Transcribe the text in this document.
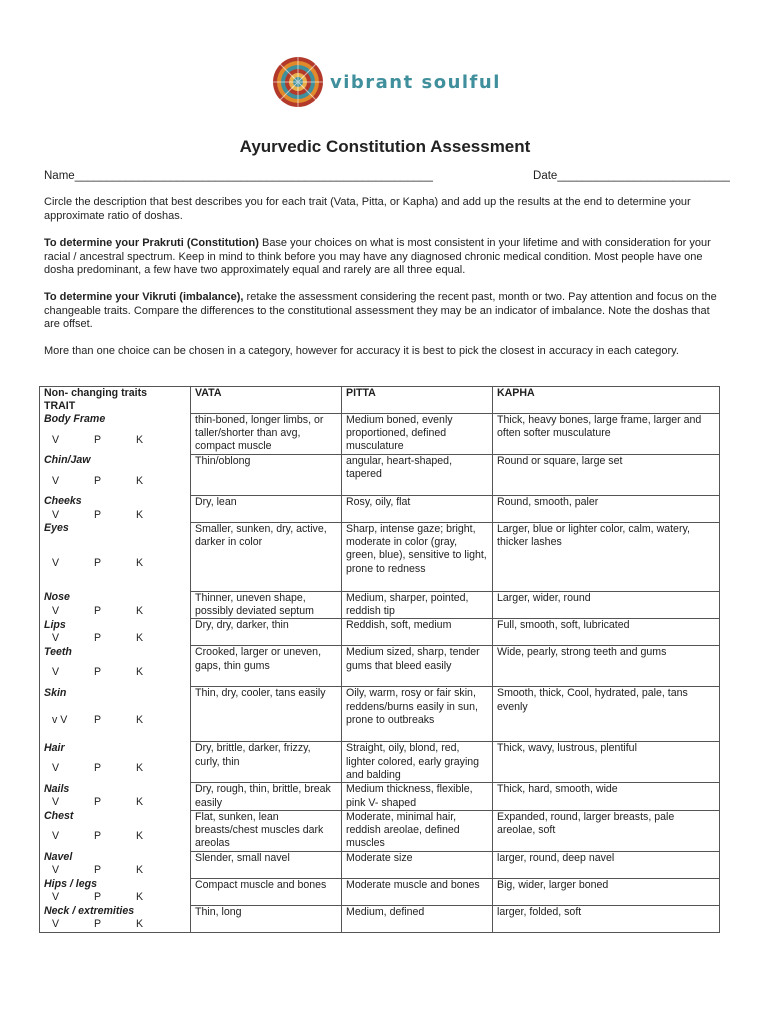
vibrant soulful
Ayurvedic Constitution Assessment
Name________________________________________________________	Date___________________________
Circle the description that best describes you for each trait (Vata, Pitta, or Kapha) and add up the results at the end to determine your approximate ratio of doshas.
To determine your Prakruti (Constitution) Base your choices on what is most consistent in your lifetime and with consideration for your racial / ancestral spectrum. Keep in mind to think before you may have any diagnosed chronic medical condition. Most people have one dosha predominant, a few have two approximately equal and rarely are all three equal.
To determine your Vikruti (imbalance), retake the assessment considering the recent past, month or two. Pay attention and focus on the changeable traits. Compare the differences to the constitutional assessment they may be an indicator of imbalance. Note the doshas that are offset.
More than one choice can be chosen in a category, however for accuracy it is best to pick the closest in accuracy in each category.
Non- changing traits
TRAIT	VATA	PITTA	KAPHA

Body Frame
V P K	thin-boned, longer limbs, or taller/shorter than avg, compact muscle	Medium boned, evenly proportioned, defined musculature	Thick, heavy bones, large frame, larger and often softer musculature

Chin/Jaw
V P K	Thin/oblong	angular, heart-shaped, tapered	Round or square, large set

Cheeks
V P K	Dry, lean	Rosy, oily, flat	Round, smooth, paler

Eyes
V P K	Smaller, sunken, dry, active, darker in color	Sharp, intense gaze; bright, moderate in color (gray, green, blue), sensitive to light, prone to redness	Larger, blue or lighter color, calm, watery, thicker lashes

Nose
V P K	Thinner, uneven shape, possibly deviated septum	Medium, sharper, pointed, reddish tip	Larger, wider, round

Lips
V P K	Dry, dry, darker, thin	Reddish, soft, medium	Full, smooth, soft, lubricated

Teeth
V P K	Crooked, larger or uneven, gaps, thin gums	Medium sized, sharp, tender gums that bleed easily	Wide, pearly, strong teeth and gums

Skin
v V P K	Thin, dry, cooler, tans easily	Oily, warm, rosy or fair skin, reddens/burns easily in sun, prone to outbreaks	Smooth, thick, Cool, hydrated, pale, tans evenly

Hair
V P K	Dry, brittle, darker, frizzy, curly, thin	Straight, oily, blond, red, lighter colored, early graying and balding	Thick, wavy, lustrous, plentiful

Nails
V P K	Dry, rough, thin, brittle, break easily	Medium thickness, flexible, pink V- shaped	Thick, hard, smooth, wide

Chest
V P K	Flat, sunken, lean breasts/chest muscles dark areolas	Moderate, minimal hair, reddish areolae, defined muscles	Expanded, round, larger breasts, pale areolae, soft

Navel
V P K	Slender, small navel	Moderate size	larger, round, deep navel

Hips / legs
V P K	Compact muscle and bones	Moderate muscle and bones	Big, wider, larger boned

Neck / extremities
V P K	Thin, long	Medium, defined	larger, folded, soft
